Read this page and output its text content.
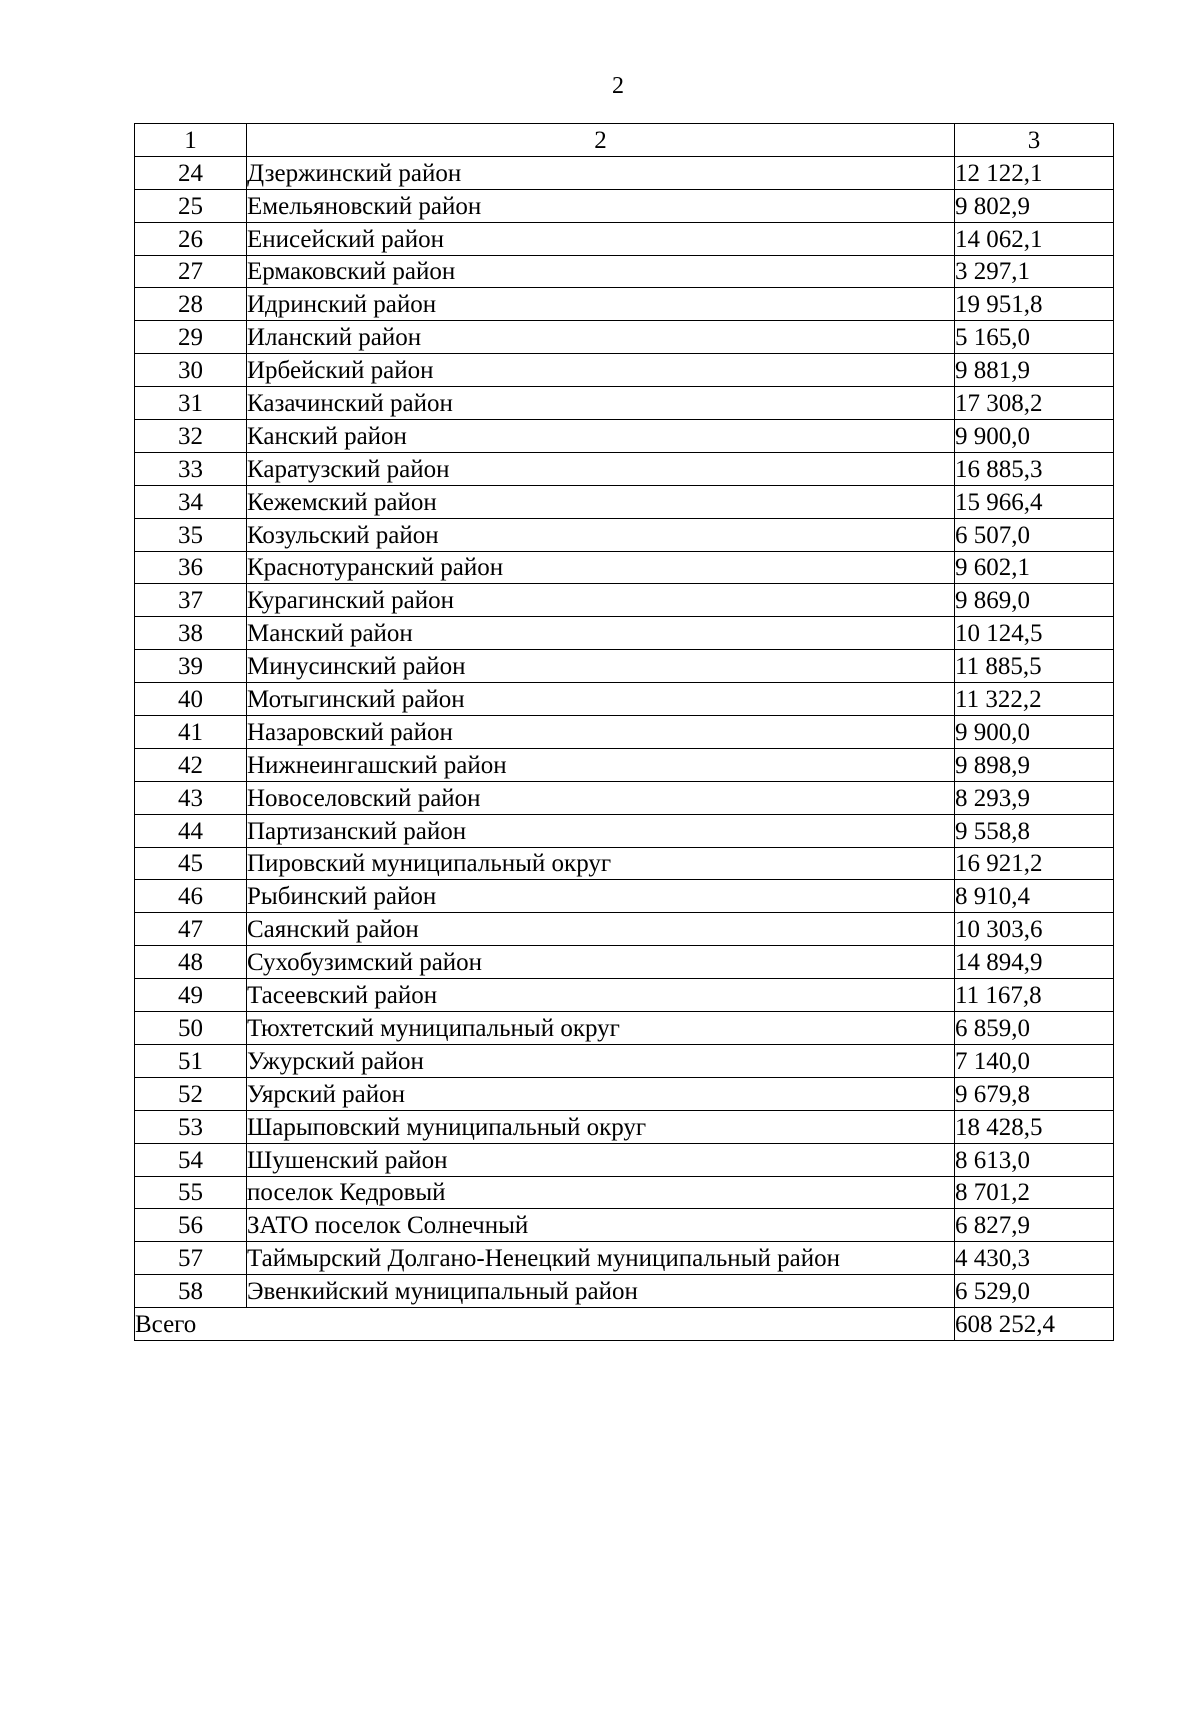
2
1	2	3
24	Дзержинский район	12 122,1
25	Емельяновский район	9 802,9
26	Енисейский район	14 062,1
27	Ермаковский район	3 297,1
28	Идринский район	19 951,8
29	Иланский район	5 165,0
30	Ирбейский район	9 881,9
31	Казачинский район	17 308,2
32	Канский район	9 900,0
33	Каратузский район	16 885,3
34	Кежемский район	15 966,4
35	Козульский район	6 507,0
36	Краснотуранский район	9 602,1
37	Курагинский район	9 869,0
38	Манский район	10 124,5
39	Минусинский район	11 885,5
40	Мотыгинский район	11 322,2
41	Назаровский район	9 900,0
42	Нижнеингашский район	9 898,9
43	Новоселовский район	8 293,9
44	Партизанский район	9 558,8
45	Пировский муниципальный округ	16 921,2
46	Рыбинский район	8 910,4
47	Саянский район	10 303,6
48	Сухобузимский район	14 894,9
49	Тасеевский район	11 167,8
50	Тюхтетский муниципальный округ	6 859,0
51	Ужурский район	7 140,0
52	Уярский район	9 679,8
53	Шарыповский муниципальный округ	18 428,5
54	Шушенский район	8 613,0
55	поселок Кедровый	8 701,2
56	ЗАТО поселок Солнечный	6 827,9
57	Таймырский Долгано-Ненецкий муниципальный район	4 430,3
58	Эвенкийский муниципальный район	6 529,0
Всего		608 252,4
